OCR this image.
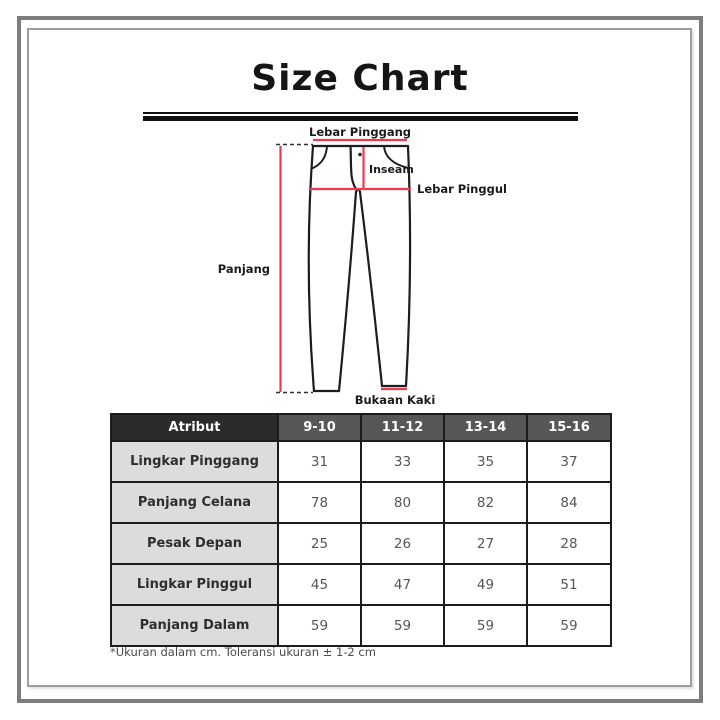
Size Chart
Lebar Pinggang
Inseam
Lebar Pinggul
Panjang
Bukaan Kaki
Atribut	9-10	11-12	13-14	15-16
Lingkar Pinggang	31	33	35	37
Panjang Celana	78	80	82	84
Pesak Depan	25	26	27	28
Lingkar Pinggul	45	47	49	51
Panjang Dalam	59	59	59	59
*Ukuran dalam cm. Toleransi ukuran ± 1-2 cm
